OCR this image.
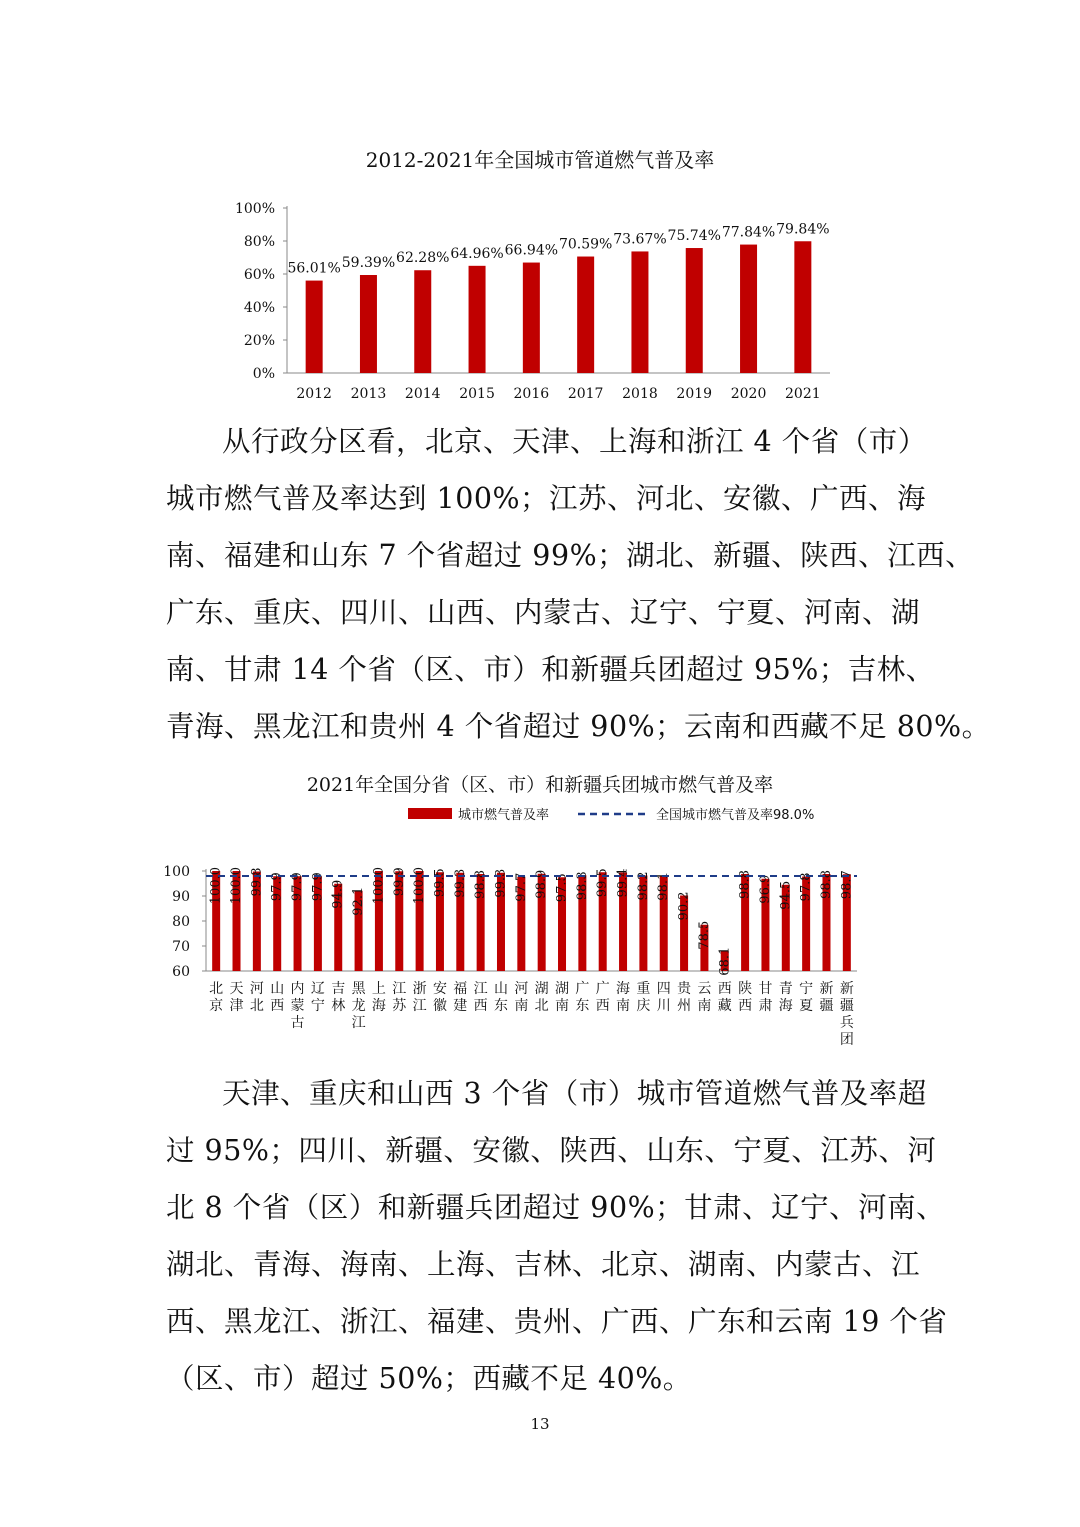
2012-2021年全国城市管道燃气普及率
0%
20%
40%
60%
80%
100%
56.01%
2012
59.39%
2013
62.28%
2014
64.96%
2015
66.94%
2016
70.59%
2017
73.67%
2018
75.74%
2019
77.84%
2020
79.84%
2021
从行政分区看，北京、天津、上海和浙江 4 个省（市）
城市燃气普及率达到 100%；江苏、河北、安徽、广西、海
南、福建和山东 7 个省超过 99%；湖北、新疆、陕西、江西、
广东、重庆、四川、山西、内蒙古、辽宁、宁夏、河南、湖
南、甘肃 14 个省（区、市）和新疆兵团超过 95%；吉林、
青海、黑龙江和贵州 4 个省超过 90%；云南和西藏不足 80%。
2021年全国分省（区、市）和新疆兵团城市燃气普及率
城市燃气普及率	全国城市燃气普及率98.0%
60
70
80
90
100 100.0 100.0 99.8 97.9 97.9 97.9 94.9 92.1 100.0 99.9 100.0 99.5 99.3 98.8 99.3 97.7 98.9 97.5 98.3 99.5 99.4 98.2 98.1
90.2
78.5
68.1
98.8 96.9 94.5 97.8 98.8 98.7
北京
天津
河北
山西
内蒙古
辽宁
吉林
黑龙江
上海
江苏
浙江
安徽
福建
江西
山东
河南
湖北
湖南
广东
广西
海南
重庆
四川
贵州
云南
西藏
陕西
甘肃
青海
宁夏
新疆
新疆兵团
天津、重庆和山西 3 个省（市）城市管道燃气普及率超
过 95%；四川、新疆、安徽、陕西、山东、宁夏、江苏、河
北 8 个省（区）和新疆兵团超过 90%；甘肃、辽宁、河南、
湖北、青海、海南、上海、吉林、北京、湖南、内蒙古、江
西、黑龙江、浙江、福建、贵州、广西、广东和云南 19 个省
（区、市）超过 50%；西藏不足 40%。
13
